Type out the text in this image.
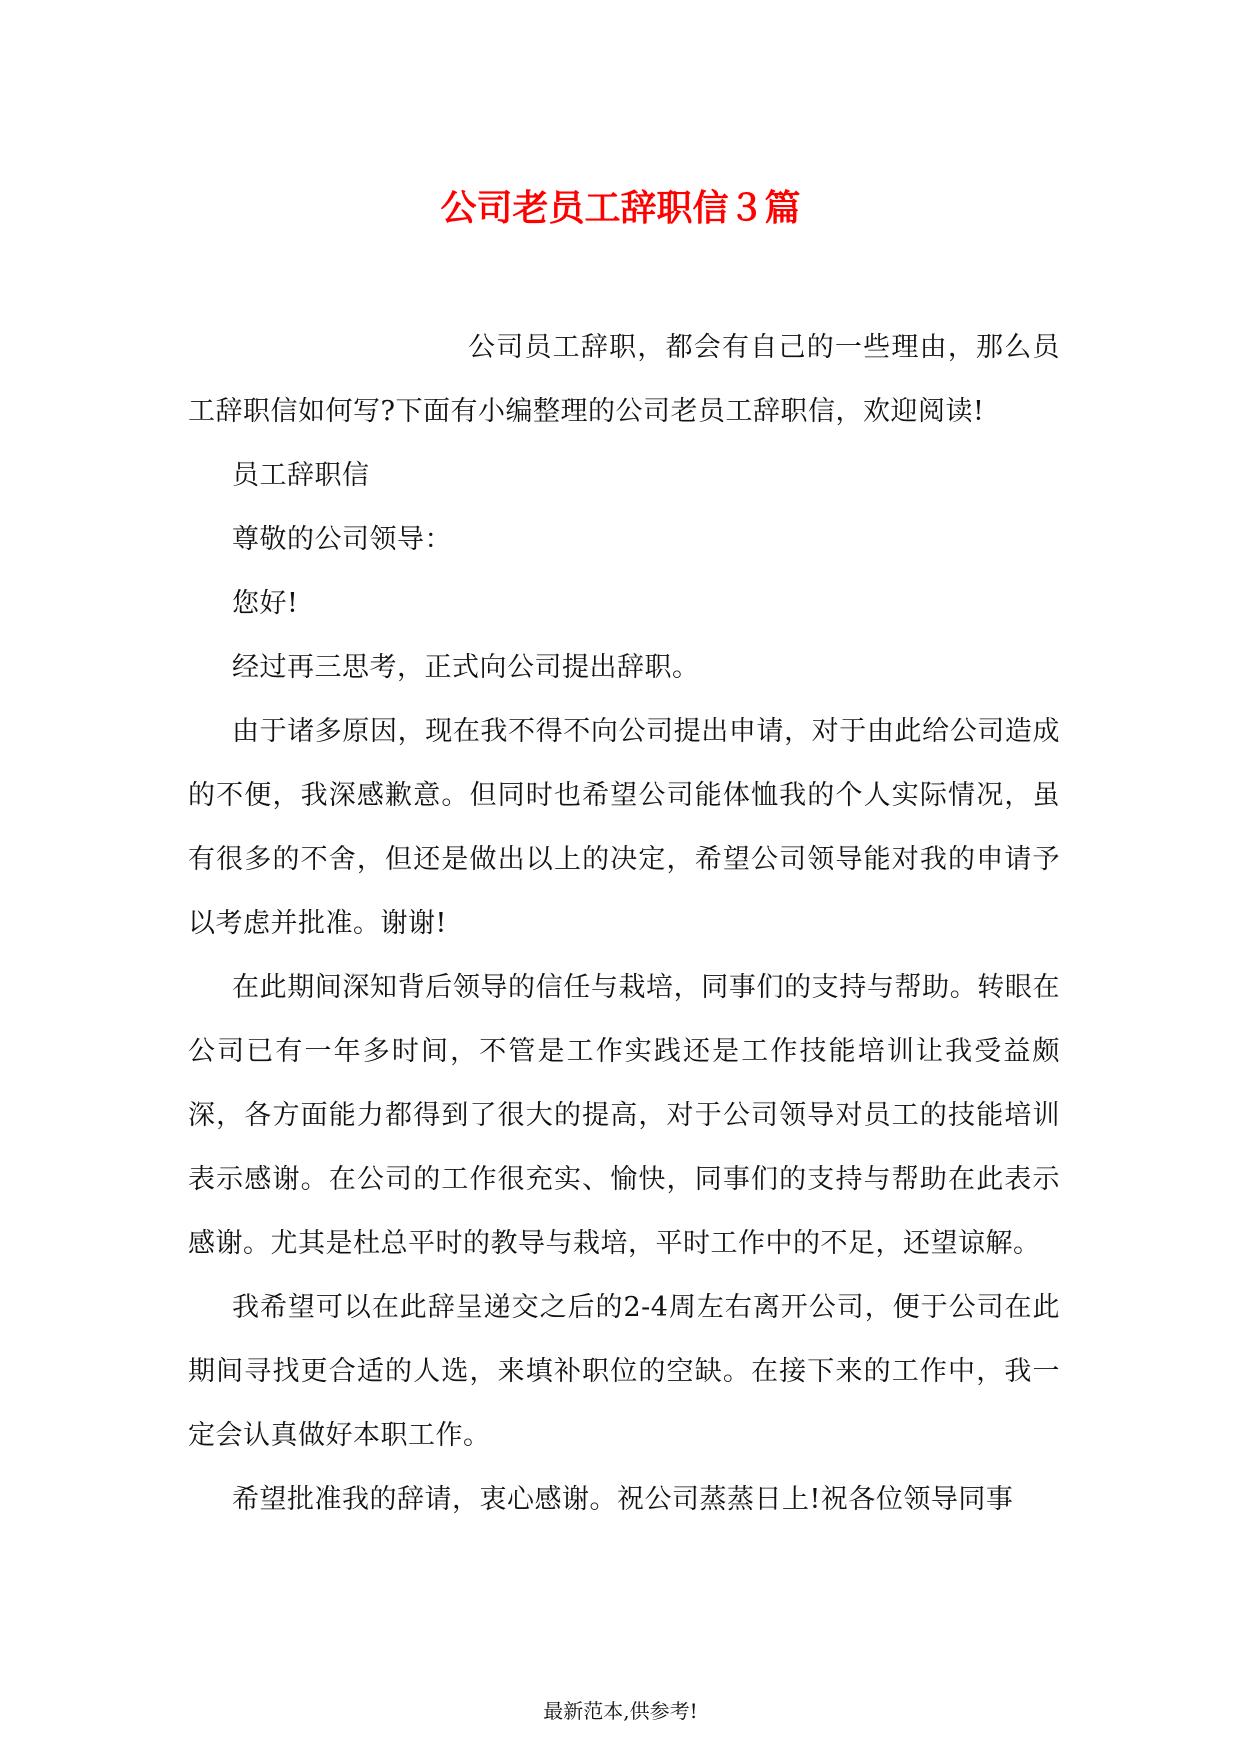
公司老员工辞职信３篇

公司员工辞职，都会有自己的一些理由，那么员工辞职信如何写?下面有小编整理的公司老员工辞职信，欢迎阅读!

员工辞职信

尊敬的公司领导：

您好!

经过再三思考，正式向公司提出辞职。

由于诸多原因，现在我不得不向公司提出申请，对于由此给公司造成的不便，我深感歉意。但同时也希望公司能体恤我的个人实际情况，虽有很多的不舍，但还是做出以上的决定，希望公司领导能对我的申请予以考虑并批准。谢谢!

在此期间深知背后领导的信任与栽培，同事们的支持与帮助。转眼在公司已有一年多时间，不管是工作实践还是工作技能培训让我受益颇深，各方面能力都得到了很大的提高，对于公司领导对员工的技能培训表示感谢。在公司的工作很充实、愉快，同事们的支持与帮助在此表示感谢。尤其是杜总平时的教导与栽培，平时工作中的不足，还望谅解。

我希望可以在此辞呈递交之后的2-4周左右离开公司，便于公司在此期间寻找更合适的人选，来填补职位的空缺。在接下来的工作中，我一定会认真做好本职工作。

希望批准我的辞请，衷心感谢。祝公司蒸蒸日上!祝各位领导同事

最新范本,供参考!
